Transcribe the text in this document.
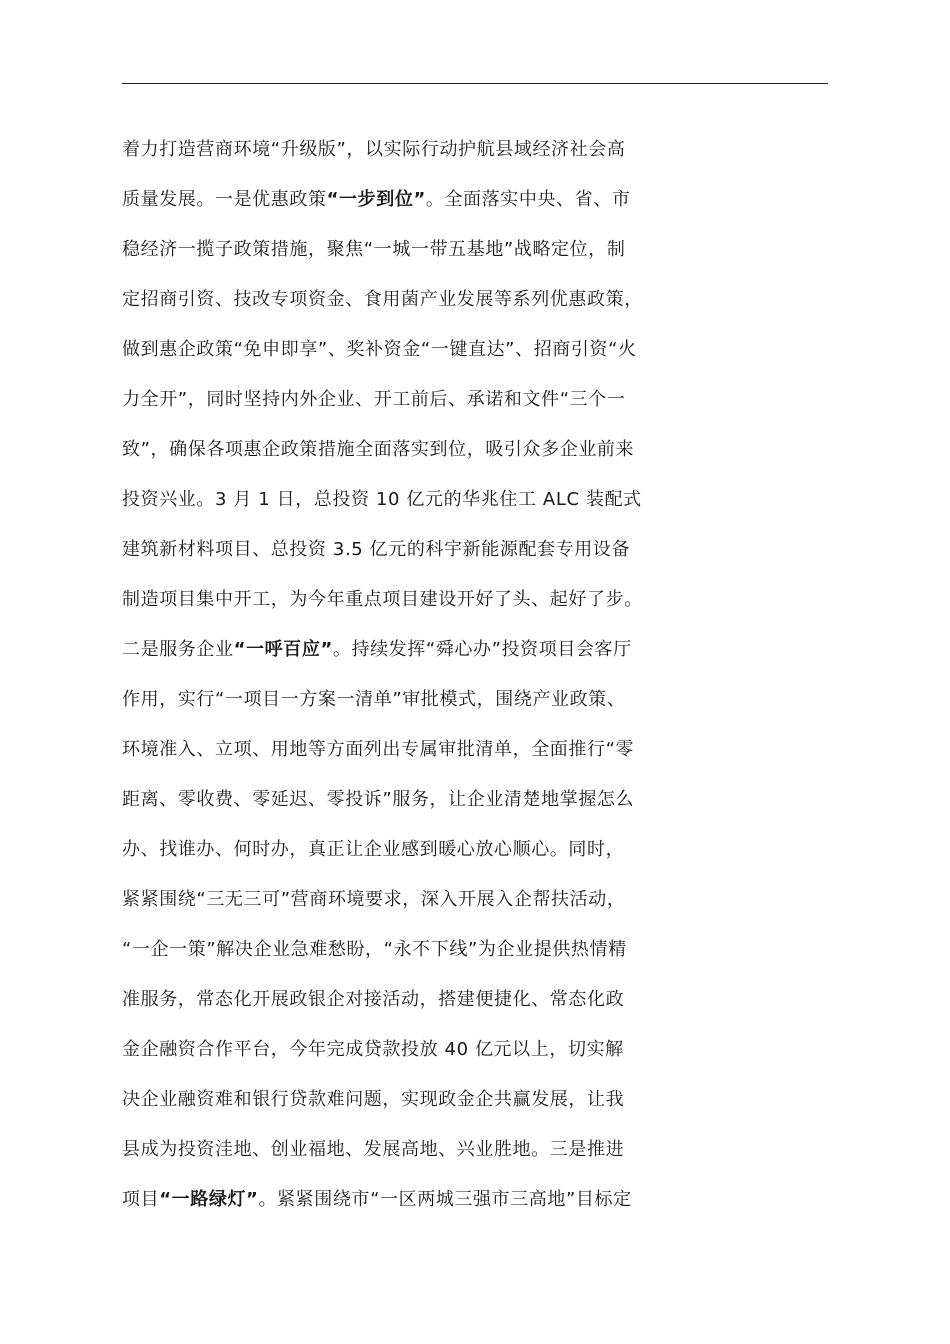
着力打造营商环境“升级版”，以实际行动护航县域经济社会高
质量发展。一是优惠政策“一步到位”。全面落实中央、省、市
稳经济一揽子政策措施，聚焦“一城一带五基地”战略定位，制
定招商引资、技改专项资金、食用菌产业发展等系列优惠政策，
做到惠企政策“免申即享”、奖补资金“一键直达”、招商引资“火
力全开”，同时坚持内外企业、开工前后、承诺和文件“三个一
致”，确保各项惠企政策措施全面落实到位，吸引众多企业前来
投资兴业。3 月 1 日，总投资 10 亿元的华兆住工 ALC 装配式
建筑新材料项目、总投资 3.5 亿元的科宇新能源配套专用设备
制造项目集中开工，为今年重点项目建设开好了头、起好了步。
二是服务企业“一呼百应”。持续发挥“舜心办”投资项目会客厅
作用，实行“一项目一方案一清单”审批模式，围绕产业政策、
环境准入、立项、用地等方面列出专属审批清单，全面推行“零
距离、零收费、零延迟、零投诉”服务，让企业清楚地掌握怎么
办、找谁办、何时办，真正让企业感到暖心放心顺心。同时，
紧紧围绕“三无三可”营商环境要求，深入开展入企帮扶活动，
“一企一策”解决企业急难愁盼，“永不下线”为企业提供热情精
准服务，常态化开展政银企对接活动，搭建便捷化、常态化政
金企融资合作平台，今年完成贷款投放 40 亿元以上，切实解
决企业融资难和银行贷款难问题，实现政金企共赢发展，让我
县成为投资洼地、创业福地、发展高地、兴业胜地。三是推进
项目“一路绿灯”。紧紧围绕市“一区两城三强市三高地”目标定
